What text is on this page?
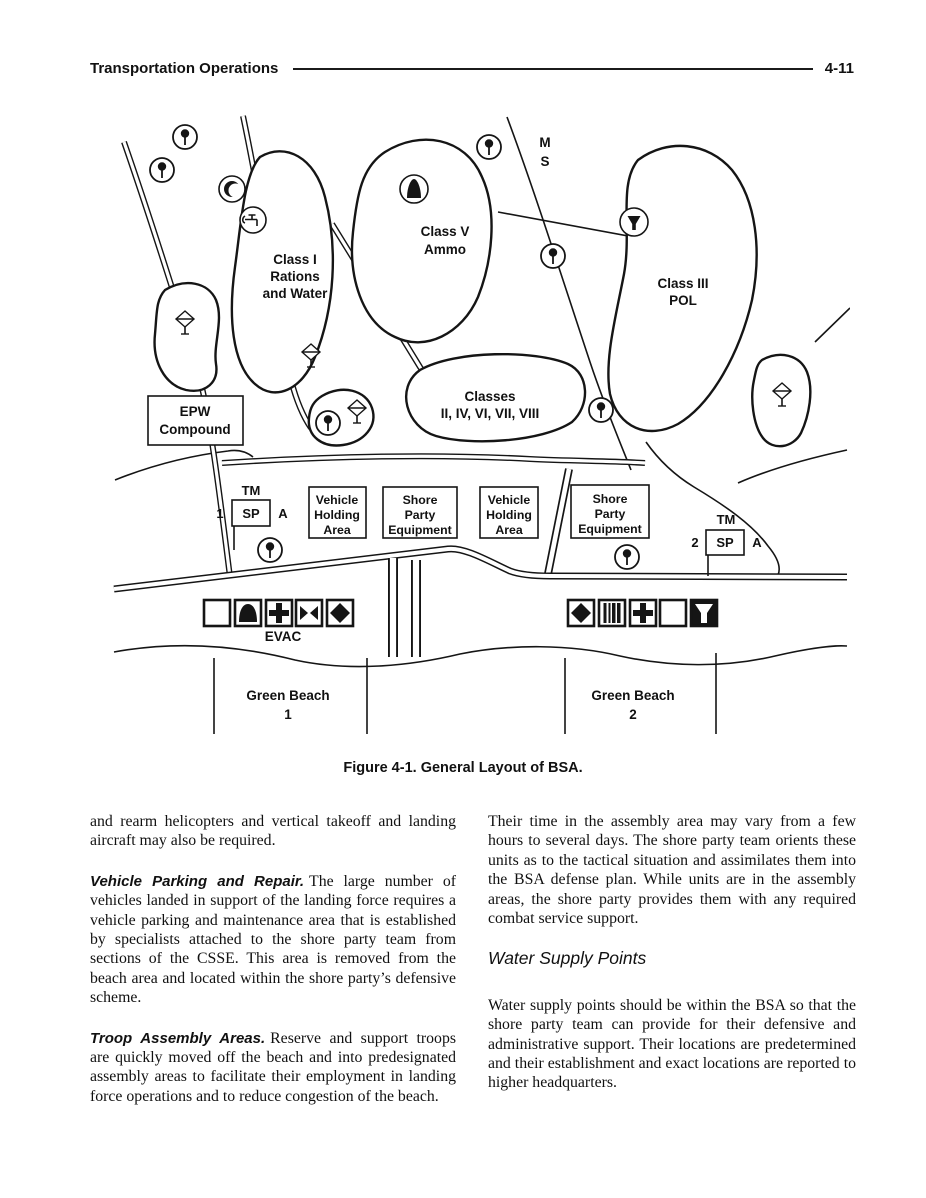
Transportation Operations	4-11
EPW
Compound
Vehicle
Holding
Area
Shore
Party
Equipment
Vehicle
Holding
Area
Shore
Party
Equipment
TM
SP
1	A	TM
SP
2	A
Class I
Rations
and Water
Class V
Ammo
Class III
POL
Classes
II, IV, VI, VII, VIII
M
S
EVAC
Green Beach
1
Green Beach
2
Figure 4-1. General Layout of BSA.

and rearm helicopters and vertical takeoff and landing aircraft may also be required.

Vehicle Parking and Repair. The large number of vehicles landed in support of the landing force requires a vehicle parking and maintenance area that is established by specialists attached to the shore party team from sections of the CSSE. This area is removed from the beach area and located within the shore party’s defensive scheme.

Troop Assembly Areas. Reserve and support troops are quickly moved off the beach and into predesignated assembly areas to facilitate their employment in landing force operations and to reduce congestion of the beach.

Their time in the assembly area may vary from a few hours to several days. The shore party team orients these units as to the tactical situation and assimilates them into the BSA defense plan. While units are in the assembly areas, the shore party provides them with any required combat service support.

Water Supply Points

Water supply points should be within the BSA so that the shore party team can provide for their defensive and administrative support. Their locations are predetermined and their establishment and exact locations are reported to higher headquarters.
